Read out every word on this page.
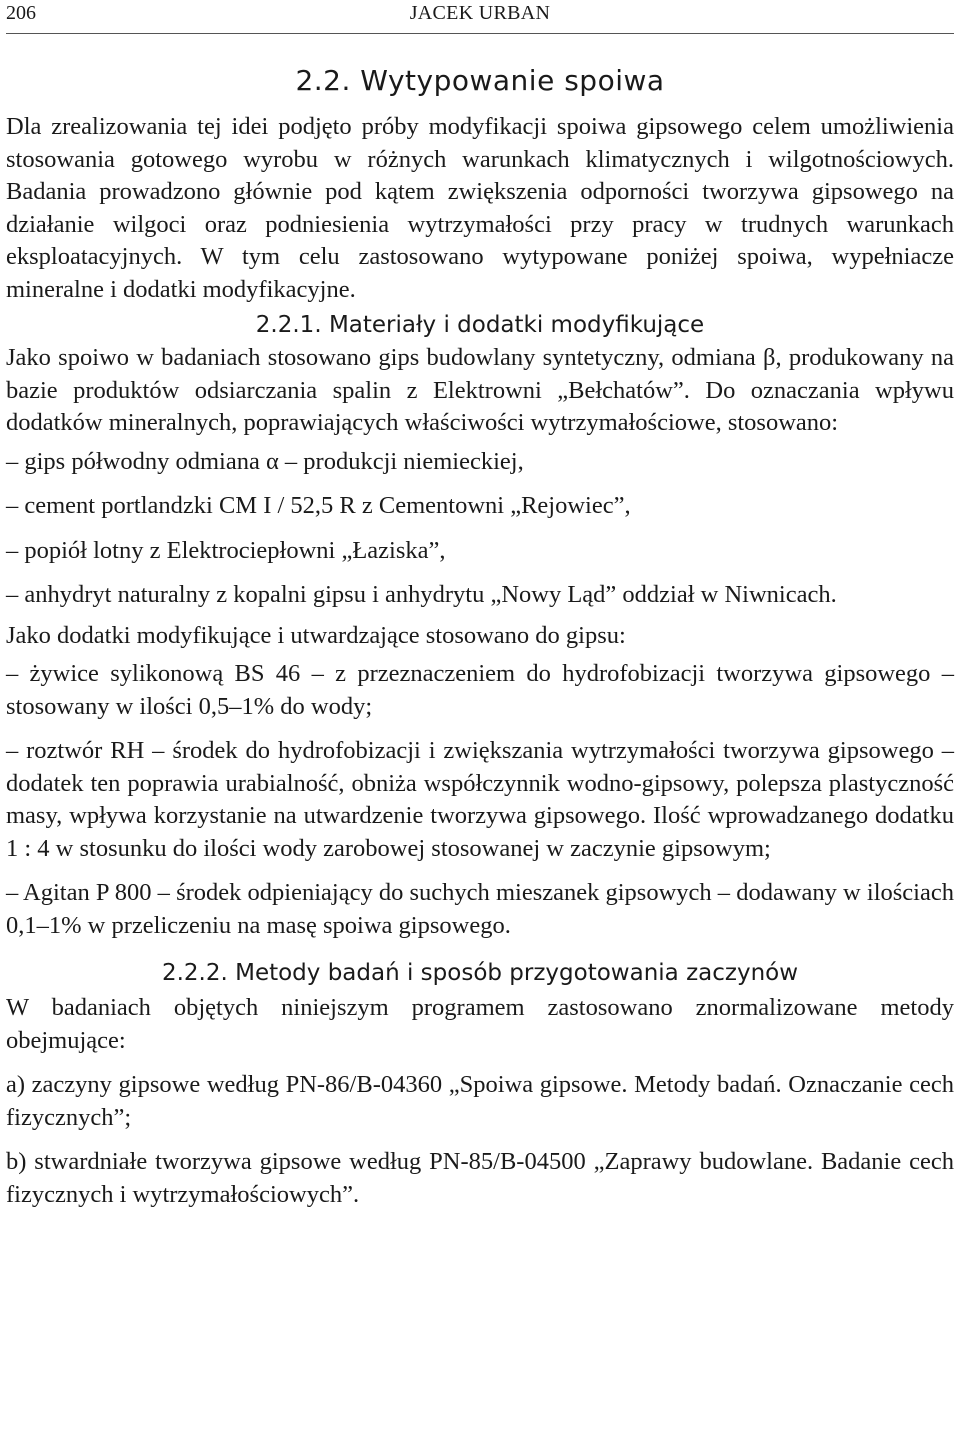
206	JACEK URBAN
2.2. Wytypowanie spoiwa

Dla zrealizowania tej idei podjęto próby modyfikacji spoiwa gipsowego celem umożliwienia stosowania gotowego wyrobu w różnych warunkach klimatycznych i wilgotnościowych. Badania prowadzono głównie pod kątem zwiększenia odporności tworzywa gipsowego na działanie wilgoci oraz podniesienia wytrzymałości przy pracy w trudnych warunkach eksploatacyjnych. W tym celu zastosowano wytypowane poniżej spoiwa, wypełniacze mineralne i dodatki modyfikacyjne.

2.2.1. Materiały i dodatki modyfikujące

Jako spoiwo w badaniach stosowano gips budowlany syntetyczny, odmiana β, produkowany na bazie produktów odsiarczania spalin z Elektrowni „Bełchatów”. Do oznaczania wpływu dodatków mineralnych, poprawiających właściwości wytrzymałościowe, stosowano:

– gips półwodny odmiana α – produkcji niemieckiej,
– cement portlandzki CM I / 52,5 R z Cementowni „Rejowiec”,
– popiół lotny z Elektrociepłowni „Łaziska”,
– anhydryt naturalny z kopalni gipsu i anhydrytu „Nowy Ląd” oddział w Niwnicach.

Jako dodatki modyfikujące i utwardzające stosowano do gipsu:

– żywice sylikonową BS 46 – z przeznaczeniem do hydrofobizacji tworzywa gipsowego – stosowany w ilości 0,5–1% do wody;
– roztwór RH – środek do hydrofobizacji i zwiększania wytrzymałości tworzywa gipsowego – dodatek ten poprawia urabialność, obniża współczynnik wodno-gipsowy, polepsza plastyczność masy, wpływa korzystanie na utwardzenie tworzywa gipsowego. Ilość wprowadzanego dodatku 1 : 4 w stosunku do ilości wody zarobowej stosowanej w zaczynie gipsowym;
– Agitan P 800 – środek odpieniający do suchych mieszanek gipsowych – dodawany w ilościach 0,1–1% w przeliczeniu na masę spoiwa gipsowego.
2.2.2. Metody badań i sposób przygotowania zaczynów

W badaniach objętych niniejszym programem zastosowano znormalizowane metody obejmujące:

a) zaczyny gipsowe według PN-86/B-04360 „Spoiwa gipsowe. Metody badań. Oznaczanie cech fizycznych”;
b) stwardniałe tworzywa gipsowe według PN-85/B-04500 „Zaprawy budowlane. Badanie cech fizycznych i wytrzymałościowych”.
